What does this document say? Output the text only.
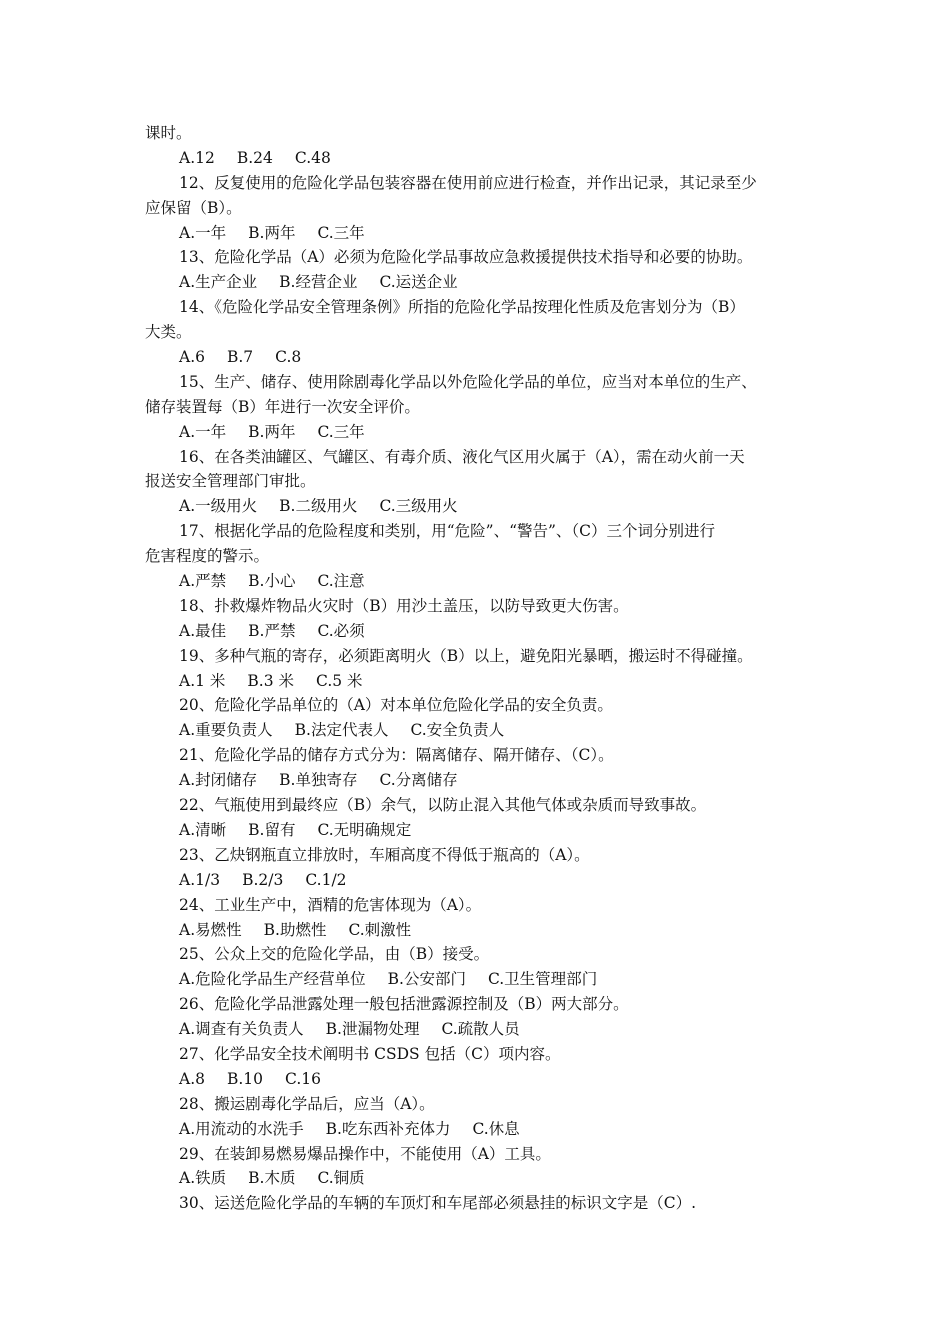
课时。
A.12 B.24 C.48
12、反复使用的危险化学品包装容器在使用前应进行检查，并作出记录，其记录至少
应保留（B）。
A.一年 B.两年 C.三年
13、危险化学品（A）必须为危险化学品事故应急救援提供技术指导和必要的协助。
A.生产企业 B.经营企业 C.运送企业
14、《危险化学品安全管理条例》所指的危险化学品按理化性质及危害划分为（B）
大类。
A.6 B.7 C.8
15、生产、储存、使用除剧毒化学品以外危险化学品的单位，应当对本单位的生产、
储存装置每（B）年进行一次安全评价。
A.一年 B.两年 C.三年
16、在各类油罐区、气罐区、有毒介质、液化气区用火属于（A），需在动火前一天
报送安全管理部门审批。
A.一级用火 B.二级用火 C.三级用火
17、根据化学品的危险程度和类别，用“危险”、“警告”、（C）三个词分别进行
危害程度的警示。
A.严禁 B.小心 C.注意
18、扑救爆炸物品火灾时（B）用沙土盖压，以防导致更大伤害。
A.最佳 B.严禁 C.必须
19、多种气瓶的寄存，必须距离明火（B）以上，避免阳光暴晒，搬运时不得碰撞。
A.1 米 B.3 米 C.5 米
20、危险化学品单位的（A）对本单位危险化学品的安全负责。
A.重要负责人 B.法定代表人 C.安全负责人
21、危险化学品的储存方式分为：隔离储存、隔开储存、（C）。
A.封闭储存 B.单独寄存 C.分离储存
22、气瓶使用到最终应（B）余气，以防止混入其他气体或杂质而导致事故。
A.清晰 B.留有 C.无明确规定
23、乙炔钢瓶直立排放时，车厢高度不得低于瓶高的（A）。
A.1/3 B.2/3 C.1/2
24、工业生产中，酒精的危害体现为（A）。
A.易燃性 B.助燃性 C.刺激性
25、公众上交的危险化学品，由（B）接受。
A.危险化学品生产经营单位 B.公安部门 C.卫生管理部门
26、危险化学品泄露处理一般包括泄露源控制及（B）两大部分。
A.调查有关负责人 B.泄漏物处理 C.疏散人员
27、化学品安全技术阐明书 CSDS 包括（C）项内容。
A.8 B.10 C.16
28、搬运剧毒化学品后，应当（A）。
A.用流动的水洗手 B.吃东西补充体力 C.休息
29、在装卸易燃易爆品操作中，不能使用（A）工具。
A.铁质 B.木质 C.铜质
30、运送危险化学品的车辆的车顶灯和车尾部必须悬挂的标识文字是（C）.
